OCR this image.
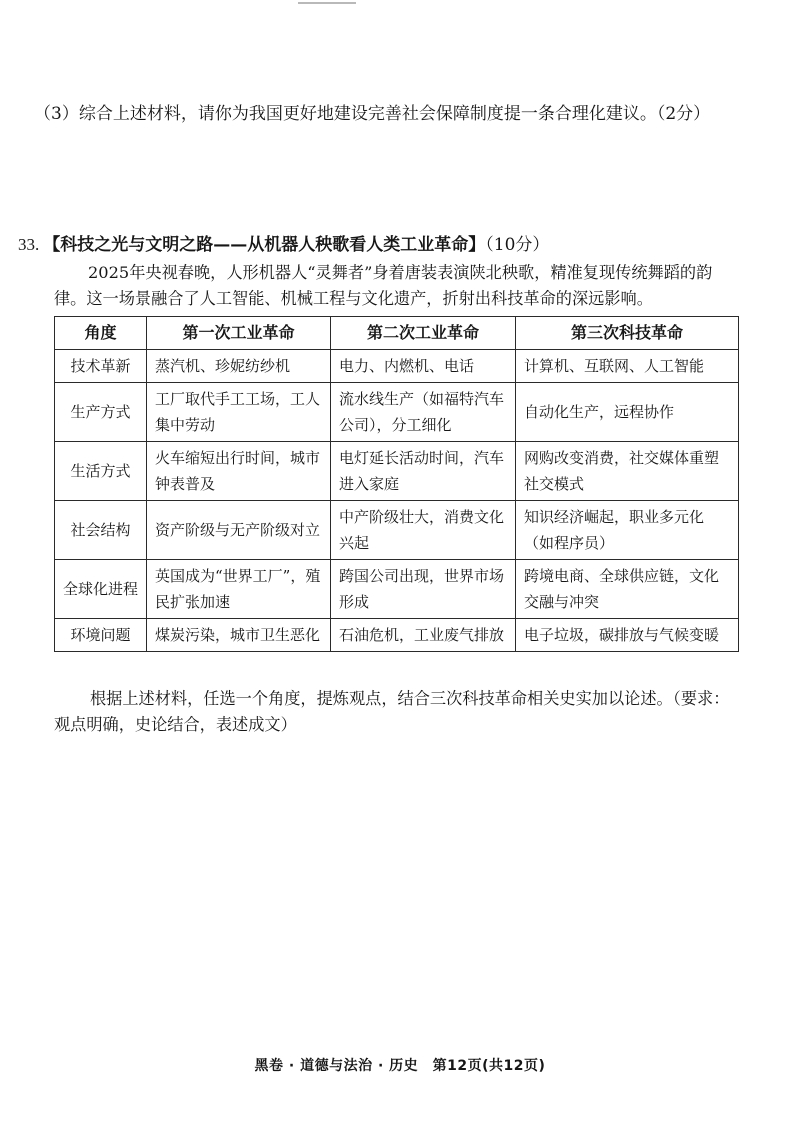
（3）综合上述材料，请你为我国更好地建设完善社会保障制度提一条合理化建议。（2分）
33. 【科技之光与文明之路——从机器人秧歌看人类工业革命】（10分）
2025年央视春晚，人形机器人“灵舞者”身着唐装表演陕北秧歌，精准复现传统舞蹈的韵律。这一场景融合了人工智能、机械工程与文化遗产，折射出科技革命的深远影响。
角度	第一次工业革命	第二次工业革命	第三次科技革命
技术革新	蒸汽机、珍妮纺纱机	电力、内燃机、电话	计算机、互联网、人工智能
生产方式	工厂取代手工工场，工人集中劳动	流水线生产（如福特汽车公司），分工细化	自动化生产，远程协作
生活方式	火车缩短出行时间，城市钟表普及	电灯延长活动时间，汽车进入家庭	网购改变消费，社交媒体重塑社交模式
社会结构	资产阶级与无产阶级对立	中产阶级壮大，消费文化兴起	知识经济崛起，职业多元化（如程序员）
全球化进程	英国成为“世界工厂”，殖民扩张加速	跨国公司出现，世界市场形成	跨境电商、全球供应链，文化交融与冲突
环境问题	煤炭污染，城市卫生恶化	石油危机，工业废气排放	电子垃圾，碳排放与气候变暖
根据上述材料，任选一个角度，提炼观点，结合三次科技革命相关史实加以论述。（要求：观点明确，史论结合，表述成文）
黑卷 · 道德与法治 · 历史　第12页(共12页)
